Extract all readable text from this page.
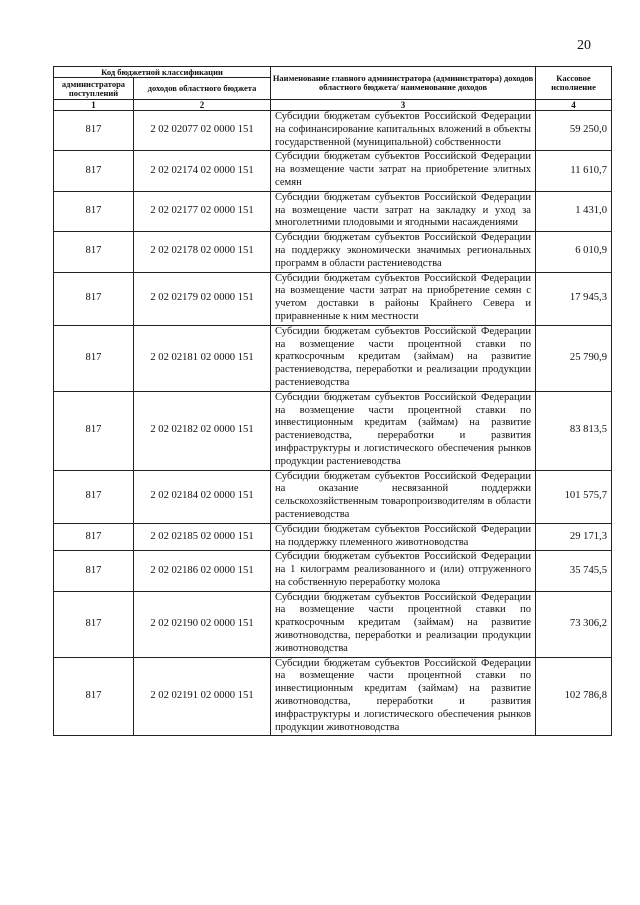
20
Код бюджетной классификации		Наименование главного администратора (администратора) доходов областного бюджета/ наименование доходов	Кассовое исполнение
администратора поступлений	доходов областного бюджета		
1	2	3	4
817	2 02 02077 02 0000 151	Субсидии бюджетам субъектов Российской Федерации на софинансирование капитальных вложений в объекты государственной (муниципальной) собственности	59 250,0
817	2 02 02174 02 0000 151	Субсидии бюджетам субъектов Российской Федерации на возмещение части затрат на приобретение элитных семян	11 610,7
817	2 02 02177 02 0000 151	Субсидии бюджетам субъектов Российской Федерации на возмещение части затрат на закладку и уход за многолетними плодовыми и ягодными насаждениями	1 431,0
817	2 02 02178 02 0000 151	Субсидии бюджетам субъектов Российской Федерации на поддержку экономически значимых региональных программ в области растениеводства	6 010,9
817	2 02 02179 02 0000 151	Субсидии бюджетам субъектов Российской Федерации на возмещение части затрат на приобретение семян с учетом доставки в районы Крайнего Севера и приравненные к ним местности	17 945,3
817	2 02 02181 02 0000 151	Субсидии бюджетам субъектов Российской Федерации на возмещение части процентной ставки по краткосрочным кредитам (займам) на развитие растениеводства, переработки и реализации продукции растениеводства	25 790,9
817	2 02 02182 02 0000 151	Субсидии бюджетам субъектов Российской Федерации на возмещение части процентной ставки по инвестиционным кредитам (займам) на развитие растениеводства, переработки и развития инфраструктуры и логистического обеспечения рынков продукции растениеводства	83 813,5
817	2 02 02184 02 0000 151	Субсидии бюджетам субъектов Российской Федерации на оказание несвязанной поддержки сельскохозяйственным товаропроизводителям в области растениеводства	101 575,7
817	2 02 02185 02 0000 151	Субсидии бюджетам субъектов Российской Федерации на поддержку племенного животноводства	29 171,3
817	2 02 02186 02 0000 151	Субсидии бюджетам субъектов Российской Федерации на 1 килограмм реализованного и (или) отгруженного на собственную переработку молока	35 745,5
817	2 02 02190 02 0000 151	Субсидии бюджетам субъектов Российской Федерации на возмещение части процентной ставки по краткосрочным кредитам (займам) на развитие животноводства, переработки и реализации продукции животноводства	73 306,2
817	2 02 02191 02 0000 151	Субсидии бюджетам субъектов Российской Федерации на возмещение части процентной ставки по инвестиционным кредитам (займам) на развитие животноводства, переработки и развития инфраструктуры и логистического обеспечения рынков продукции животноводства	102 786,8
